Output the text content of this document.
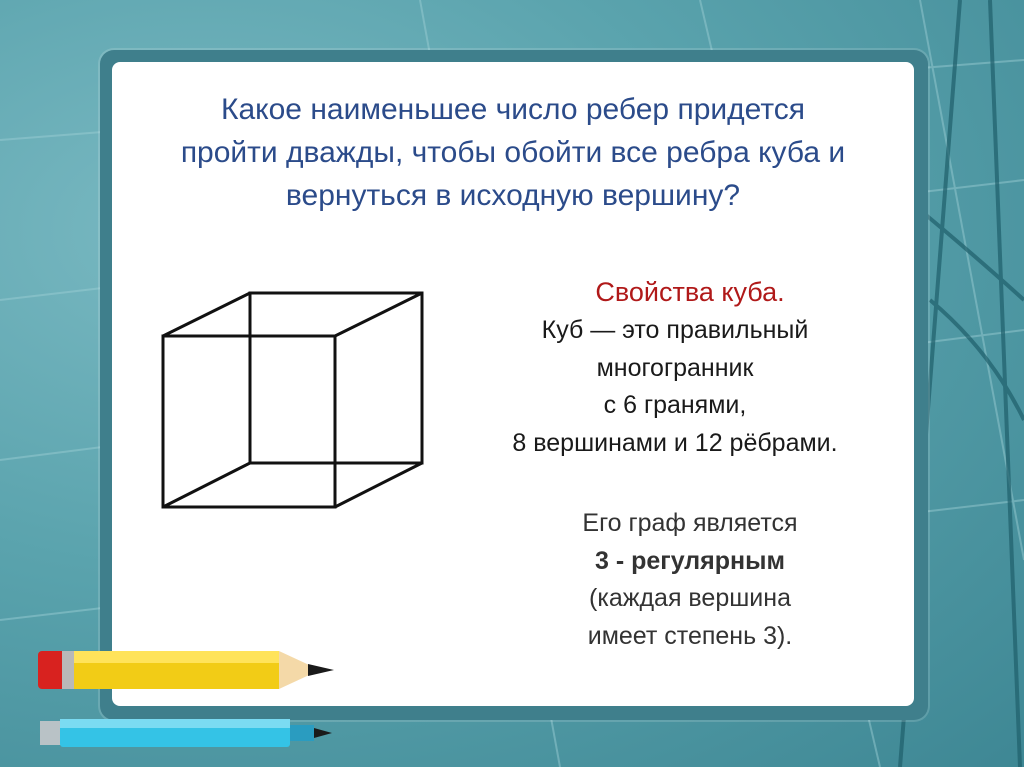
Какое наименьшее число ребер придется
пройти дважды, чтобы обойти все ребра куба и
вернуться в исходную вершину?
Свойства куба.
Куб — это правильный
многогранник
с 6 гранями,
8 вершинами и 12 рёбрами.
Его граф является
3 - регулярным
(каждая вершина
имеет степень 3).
